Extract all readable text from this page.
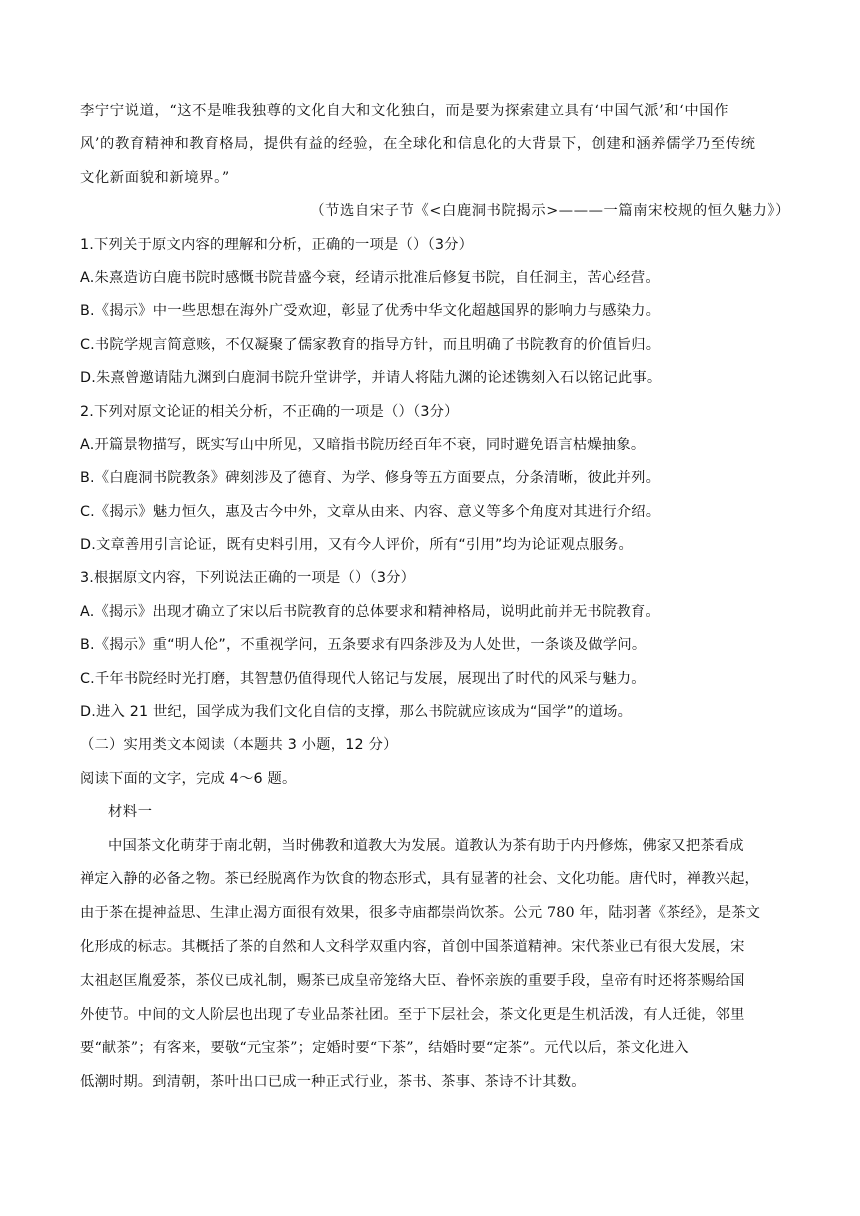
李宁宁说道，“这不是唯我独尊的文化自大和文化独白，而是要为探索建立具有‘中国气派’和‘中国作
风’的教育精神和教育格局，提供有益的经验，在全球化和信息化的大背景下，创建和涵养儒学乃至传统
文化新面貌和新境界。”
（节选自宋子节《<白鹿洞书院揭示>———一篇南宋校规的恒久魅力》）
1.下列关于原文内容的理解和分析，正确的一项是（）（3分）
A.朱熹造访白鹿书院时感慨书院昔盛今衰，经请示批准后修复书院，自任洞主，苦心经营。
B.《揭示》中一些思想在海外广受欢迎，彰显了优秀中华文化超越国界的影响力与感染力。
C.书院学规言简意赅，不仅凝聚了儒家教育的指导方针，而且明确了书院教育的价值旨归。
D.朱熹曾邀请陆九渊到白鹿洞书院升堂讲学，并请人将陆九渊的论述镌刻入石以铭记此事。
2.下列对原文论证的相关分析，不正确的一项是（）（3分）
A.开篇景物描写，既实写山中所见，又暗指书院历经百年不衰，同时避免语言枯燥抽象。
B.《白鹿洞书院教条》碑刻涉及了德育、为学、修身等五方面要点，分条清晰，彼此并列。
C.《揭示》魅力恒久，惠及古今中外，文章从由来、内容、意义等多个角度对其进行介绍。
D.文章善用引言论证，既有史料引用，又有今人评价，所有“引用”均为论证观点服务。
3.根据原文内容，下列说法正确的一项是（）（3分）
A.《揭示》出现才确立了宋以后书院教育的总体要求和精神格局，说明此前并无书院教育。
B.《揭示》重“明人伦”，不重视学问，五条要求有四条涉及为人处世，一条谈及做学问。
C.千年书院经时光打磨，其智慧仍值得现代人铭记与发展，展现出了时代的风采与魅力。
D.进入 21 世纪，国学成为我们文化自信的支撑，那么书院就应该成为“国学”的道场。
（二）实用类文本阅读（本题共 3 小题，12 分）
阅读下面的文字，完成 4～6 题。
材料一
中国茶文化萌芽于南北朝，当时佛教和道教大为发展。道教认为茶有助于内丹修炼，佛家又把茶看成
禅定入静的必备之物。茶已经脱离作为饮食的物态形式，具有显著的社会、文化功能。唐代时，禅教兴起，
由于茶在提神益思、生津止渴方面很有效果，很多寺庙都崇尚饮茶。公元 780 年，陆羽著《茶经》，是茶文
化形成的标志。其概括了茶的自然和人文科学双重内容，首创中国茶道精神。宋代茶业已有很大发展，宋
太祖赵匡胤爱茶，茶仪已成礼制，赐茶已成皇帝笼络大臣、眷怀亲族的重要手段，皇帝有时还将茶赐给国
外使节。中间的文人阶层也出现了专业品茶社团。至于下层社会，茶文化更是生机活泼，有人迁徙，邻里
要“献茶”；有客来，要敬“元宝茶”；定婚时要“下茶”，结婚时要“定茶”。元代以后，茶文化进入
低潮时期。到清朝，茶叶出口已成一种正式行业，茶书、茶事、茶诗不计其数。
